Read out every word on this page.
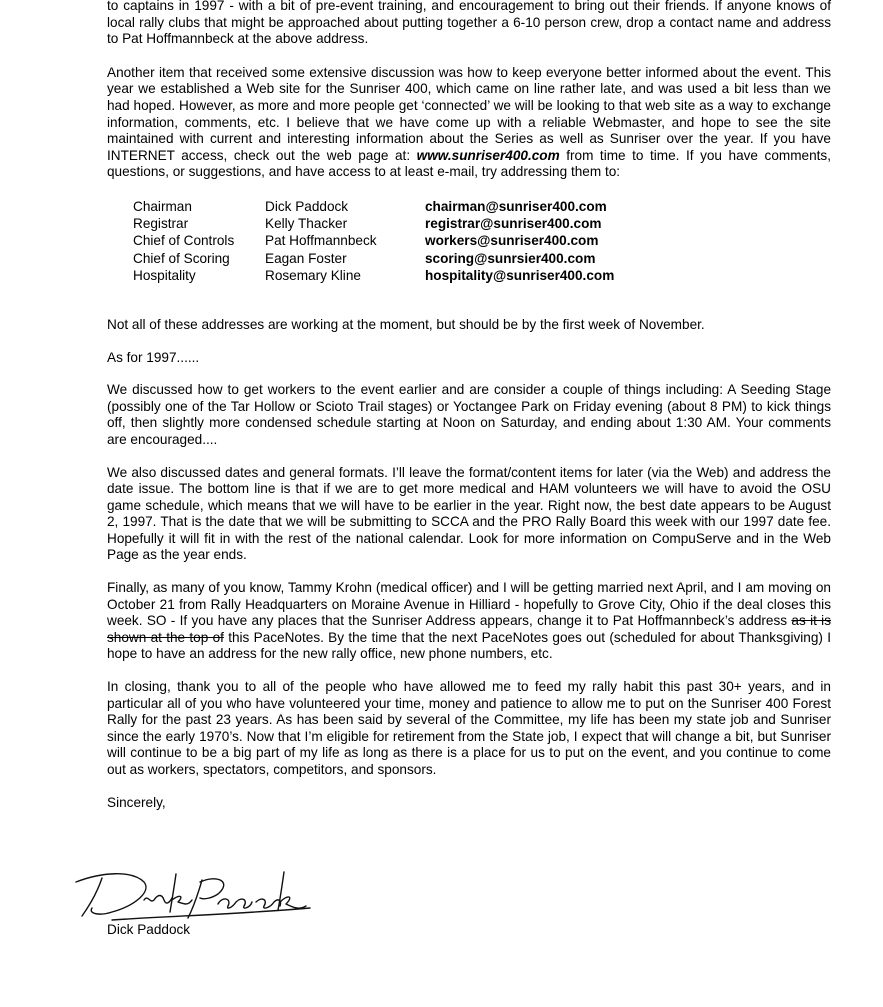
to captains in 1997 - with a bit of pre-event training, and encouragement to bring out their friends. If anyone knows of local rally clubs that might be approached about putting together a 6-10 person crew, drop a contact name and address to Pat Hoffmannbeck at the above address.

Another item that received some extensive discussion was how to keep everyone better informed about the event. This year we established a Web site for the Sunriser 400, which came on line rather late, and was used a bit less than we had hoped. However, as more and more people get ‘connected’ we will be looking to that web site as a way to exchange information, comments, etc. I believe that we have come up with a reliable Webmaster, and hope to see the site maintained with current and interesting information about the Series as well as Sunriser over the year. If you have INTERNET access, check out the web page at: www.sunriser400.com from time to time. If you have comments, questions, or suggestions, and have access to at least e-mail, try addressing them to:

Chairman	Dick Paddock	chairman@sunriser400.com
Registrar	Kelly Thacker	registrar@sunriser400.com
Chief of Controls	Pat Hoffmannbeck	workers@sunriser400.com
Chief of Scoring	Eagan Foster	scoring@sunrsier400.com
Hospitality	Rosemary Kline	hospitality@sunriser400.com

Not all of these addresses are working at the moment, but should be by the first week of November.

As for 1997......

We discussed how to get workers to the event earlier and are consider a couple of things including: A Seeding Stage (possibly one of the Tar Hollow or Scioto Trail stages) or Yoctangee Park on Friday evening (about 8 PM) to kick things off, then slightly more condensed schedule starting at Noon on Saturday, and ending about 1:30 AM. Your comments are encouraged....

We also discussed dates and general formats. I’ll leave the format/content items for later (via the Web) and address the date issue. The bottom line is that if we are to get more medical and HAM volunteers we will have to avoid the OSU game schedule, which means that we will have to be earlier in the year. Right now, the best date appears to be August 2, 1997. That is the date that we will be submitting to SCCA and the PRO Rally Board this week with our 1997 date fee. Hopefully it will fit in with the rest of the national calendar. Look for more information on CompuServe and in the Web Page as the year ends.

Finally, as many of you know, Tammy Krohn (medical officer) and I will be getting married next April, and I am moving on October 21 from Rally Headquarters on Moraine Avenue in Hilliard - hopefully to Grove City, Ohio if the deal closes this week. SO - If you have any places that the Sunriser Address appears, change it to Pat Hoffmannbeck’s address as it is shown at the top of this PaceNotes. By the time that the next PaceNotes goes out (scheduled for about Thanksgiving) I hope to have an address for the new rally office, new phone numbers, etc.

In closing, thank you to all of the people who have allowed me to feed my rally habit this past 30+ years, and in particular all of you who have volunteered your time, money and patience to allow me to put on the Sunriser 400 Forest Rally for the past 23 years. As has been said by several of the Committee, my life has been my state job and Sunriser since the early 1970’s. Now that I’m eligible for retirement from the State job, I expect that will change a bit, but Sunriser will continue to be a big part of my life as long as there is a place for us to put on the event, and you continue to come out as workers, spectators, competitors, and sponsors.

Sincerely,

Dick Paddock
